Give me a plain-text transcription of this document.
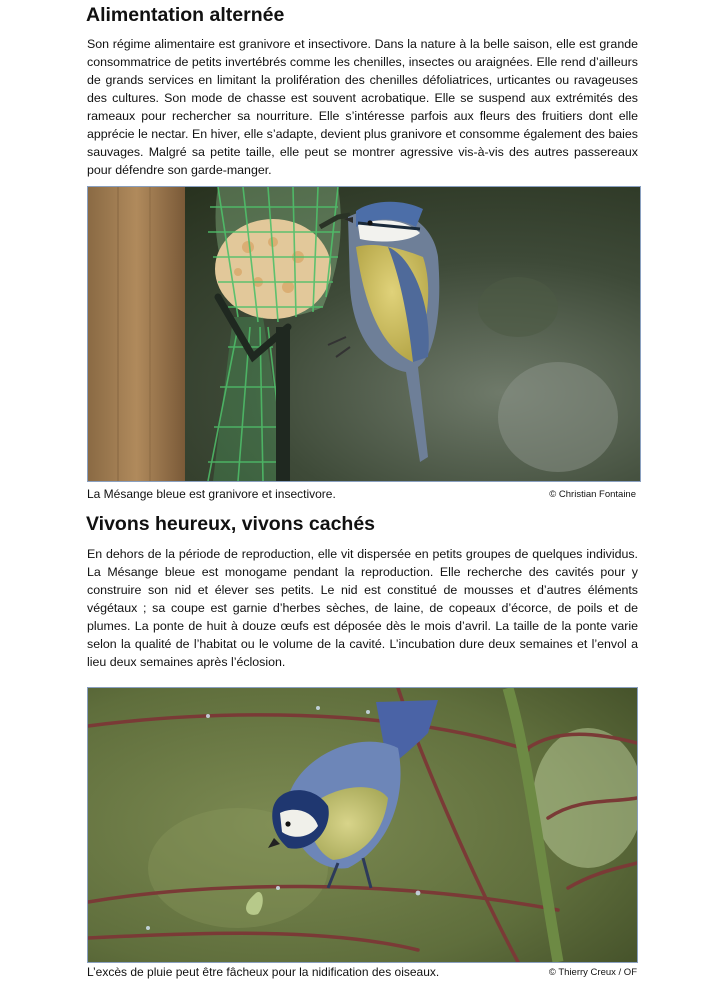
Alimentation alternée

Son régime alimentaire est granivore et insectivore. Dans la nature à la belle saison, elle est grande consommatrice de petits invertébrés comme les chenilles, insectes ou araignées. Elle rend d’ailleurs de grands services en limitant la prolifération des chenilles défoliatrices, urticantes ou ravageuses des cultures. Son mode de chasse est souvent acrobatique. Elle se suspend aux extrémités des rameaux pour rechercher sa nourriture. Elle s’intéresse parfois aux fleurs des fruitiers dont elle apprécie le nectar. En hiver, elle s’adapte, devient plus granivore et consomme également des baies sauvages. Malgré sa petite taille, elle peut se montrer agressive vis-à-vis des autres passereaux pour défendre son garde-manger.

La Mésange bleue est granivore et insectivore.	© Christian Fontaine

Vivons heureux, vivons cachés

En dehors de la période de reproduction, elle vit dispersée en petits groupes de quelques individus. La Mésange bleue est monogame pendant la reproduction. Elle recherche des cavités pour y construire son nid et élever ses petits. Le nid est constitué de mousses et d’autres éléments végétaux ; sa coupe est garnie d’herbes sèches, de laine, de copeaux d’écorce, de poils et de plumes. La ponte de huit à douze œufs est déposée dès le mois d’avril. La taille de la ponte varie selon la qualité de l’habitat ou le volume de la cavité. L’incubation dure deux semaines et l’envol a lieu deux semaines après l’éclosion.

L’excès de pluie peut être fâcheux pour la nidification des oiseaux.	© Thierry Creux / OF
